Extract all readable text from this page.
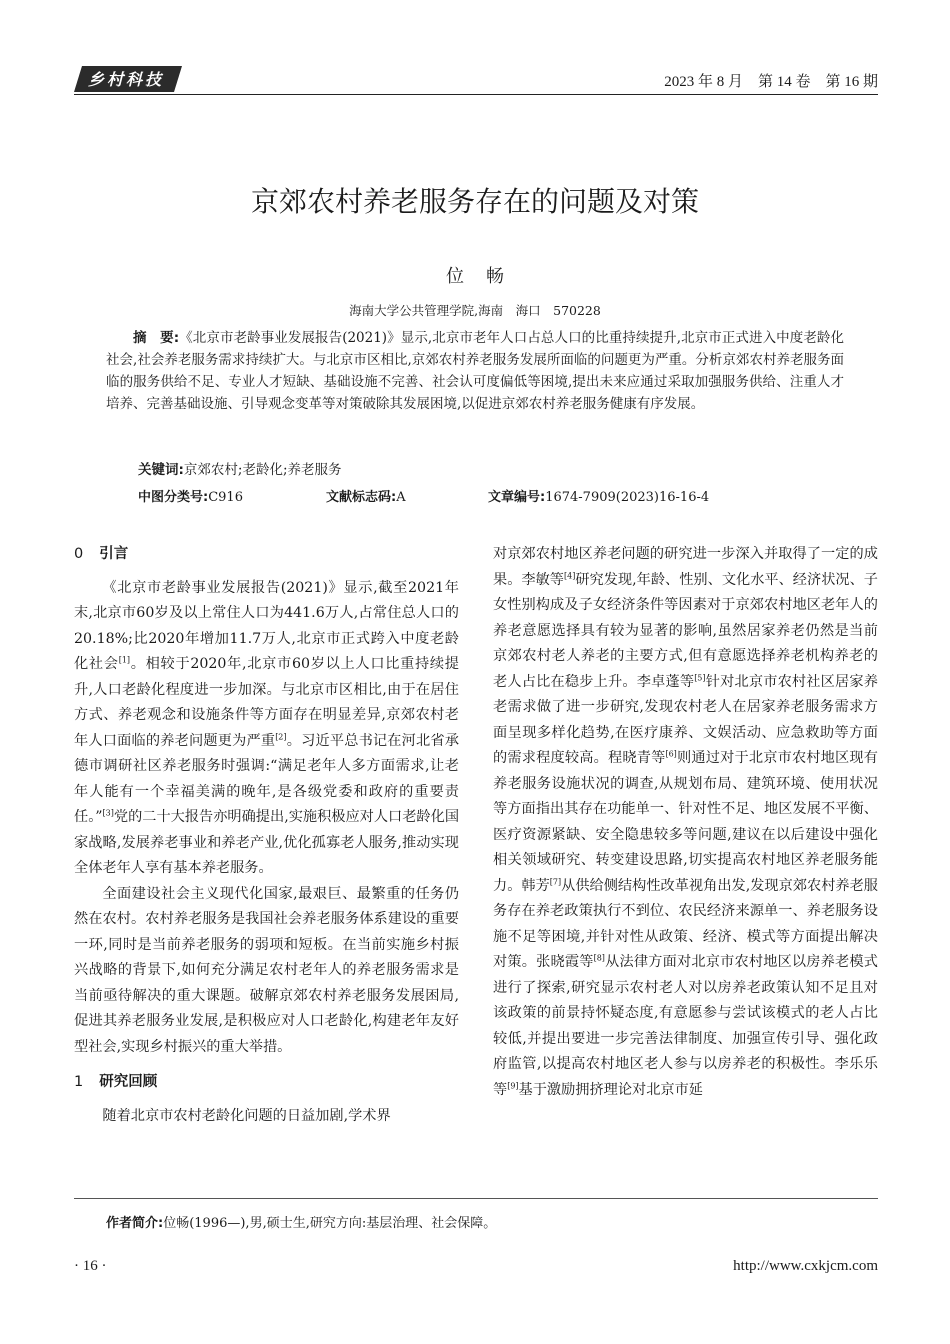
乡村科技	2023 年 8 月　第 14 卷　第 16 期
京郊农村养老服务存在的问题及对策
位畅
海南大学公共管理学院,海南　海口　570228

摘　要:《北京市老龄事业发展报告(2021)》显示,北京市老年人口占总人口的比重持续提升,北京市正式进入中度老龄化社会,社会养老服务需求持续扩大。与北京市区相比,京郊农村养老服务发展所面临的问题更为严重。分析京郊农村养老服务面临的服务供给不足、专业人才短缺、基础设施不完善、社会认可度偏低等困境,提出未来应通过采取加强服务供给、注重人才培养、完善基础设施、引导观念变革等对策破除其发展困境,以促进京郊农村养老服务健康有序发展。

关键词:京郊农村;老龄化;养老服务
中图分类号:C916	文献标志码:A	文章编号:1674-7909(2023)16-16-4
0 引言

《北京市老龄事业发展报告(2021)》显示,截至2021年末,北京市60岁及以上常住人口为441.6万人,占常住总人口的20.18%;比2020年增加11.7万人,北京市正式跨入中度老龄化社会[1]。相较于2020年,北京市60岁以上人口比重持续提升,人口老龄化程度进一步加深。与北京市区相比,由于在居住方式、养老观念和设施条件等方面存在明显差异,京郊农村老年人口面临的养老问题更为严重[2]。习近平总书记在河北省承德市调研社区养老服务时强调:“满足老年人多方面需求,让老年人能有一个幸福美满的晚年,是各级党委和政府的重要责任。”[3]党的二十大报告亦明确提出,实施积极应对人口老龄化国家战略,发展养老事业和养老产业,优化孤寡老人服务,推动实现全体老年人享有基本养老服务。

全面建设社会主义现代化国家,最艰巨、最繁重的任务仍然在农村。农村养老服务是我国社会养老服务体系建设的重要一环,同时是当前养老服务的弱项和短板。在当前实施乡村振兴战略的背景下,如何充分满足农村老年人的养老服务需求是当前亟待解决的重大课题。破解京郊农村养老服务发展困局,促进其养老服务业发展,是积极应对人口老龄化,构建老年友好型社会,实现乡村振兴的重大举措。

1 研究回顾

随着北京市农村老龄化问题的日益加剧,学术界

对京郊农村地区养老问题的研究进一步深入并取得了一定的成果。李敏等[4]研究发现,年龄、性别、文化水平、经济状况、子女性别构成及子女经济条件等因素对于京郊农村地区老年人的养老意愿选择具有较为显著的影响,虽然居家养老仍然是当前京郊农村老人养老的主要方式,但有意愿选择养老机构养老的老人占比在稳步上升。李卓蓬等[5]针对北京市农村社区居家养老需求做了进一步研究,发现农村老人在居家养老服务需求方面呈现多样化趋势,在医疗康养、文娱活动、应急救助等方面的需求程度较高。程晓青等[6]则通过对于北京市农村地区现有养老服务设施状况的调查,从规划布局、建筑环境、使用状况等方面指出其存在功能单一、针对性不足、地区发展不平衡、医疗资源紧缺、安全隐患较多等问题,建议在以后建设中强化相关领域研究、转变建设思路,切实提高农村地区养老服务能力。韩芳[7]从供给侧结构性改革视角出发,发现京郊农村养老服务存在养老政策执行不到位、农民经济来源单一、养老服务设施不足等困境,并针对性从政策、经济、模式等方面提出解决对策。张晓霞等[8]从法律方面对北京市农村地区以房养老模式进行了探索,研究显示农村老人对以房养老政策认知不足且对该政策的前景持怀疑态度,有意愿参与尝试该模式的老人占比较低,并提出要进一步完善法律制度、加强宣传引导、强化政府监管,以提高农村地区老人参与以房养老的积极性。李乐乐等[9]基于激励拥挤理论对北京市延

作者简介:位畅(1996—),男,硕士生,研究方向:基层治理、社会保障。
· 16 ·	http://www.cxkjcm.com
